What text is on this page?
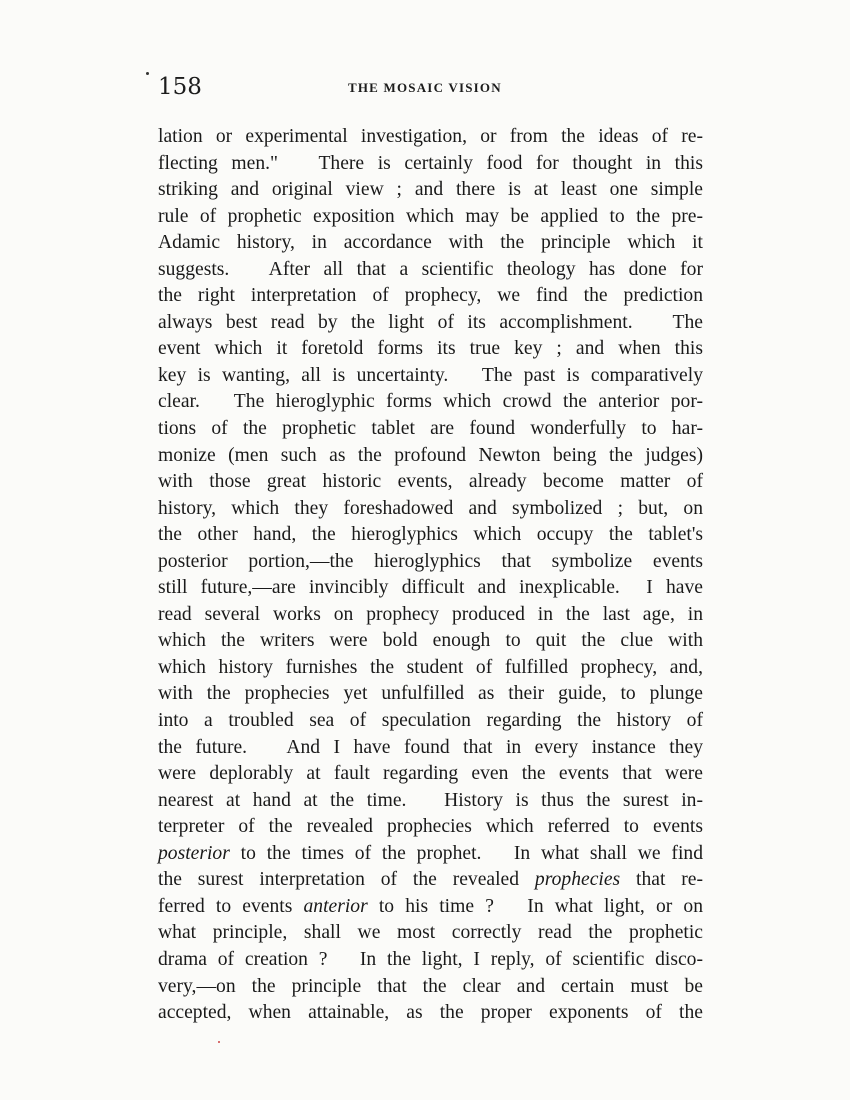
158	THE MOSAIC VISION
lation or experimental investigation, or from the ideas of re-
flecting men."   There is certainly food for thought in this
striking and original view ; and there is at least one simple
rule of prophetic exposition which may be applied to the pre-
Adamic history, in accordance with the principle which it
suggests.   After all that a scientific theology has done for
the right interpretation of prophecy, we find the prediction
always best read by the light of its accomplishment.   The
event which it foretold forms its true key ; and when this
key is wanting, all is uncertainty.   The past is comparatively
clear.   The hieroglyphic forms which crowd the anterior por-
tions of the prophetic tablet are found wonderfully to har-
monize (men such as the profound Newton being the judges)
with those great historic events, already become matter of
history, which they foreshadowed and symbolized ; but, on
the other hand, the hieroglyphics which occupy the tablet's
posterior portion,—the hieroglyphics that symbolize events
still future,—are invincibly difficult and inexplicable.  I have
read several works on prophecy produced in the last age, in
which the writers were bold enough to quit the clue with
which history furnishes the student of fulfilled prophecy, and,
with the prophecies yet unfulfilled as their guide, to plunge
into a troubled sea of speculation regarding the history of
the future.   And I have found that in every instance they
were deplorably at fault regarding even the events that were
nearest at hand at the time.   History is thus the surest in-
terpreter of the revealed prophecies which referred to events
posterior to the times of the prophet.   In what shall we find
the surest interpretation of the revealed prophecies that re-
ferred to events anterior to his time ?   In what light, or on
what principle, shall we most correctly read the prophetic
drama of creation ?   In the light, I reply, of scientific disco-
very,—on the principle that the clear and certain must be
accepted, when attainable, as the proper exponents of the
